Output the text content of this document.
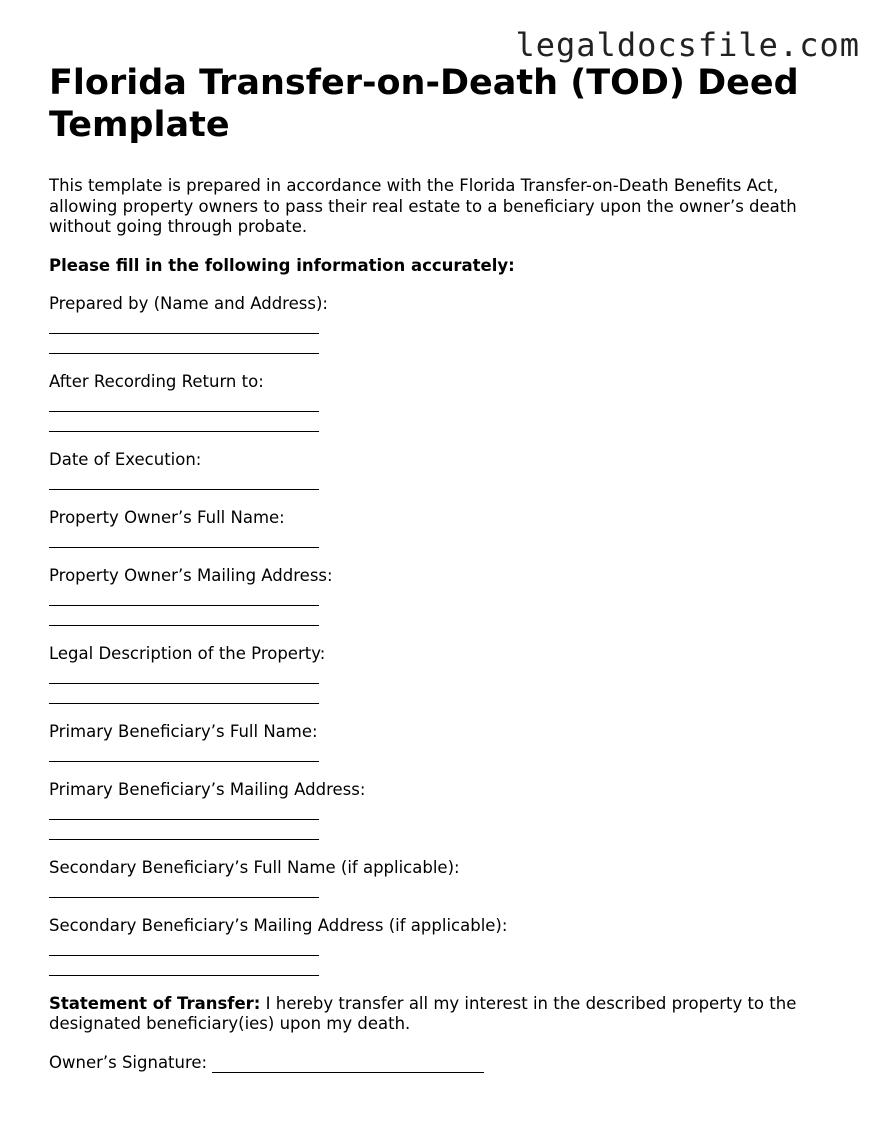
legaldocsfile.com

Florida Transfer-on-Death (TOD) Deed Template

This template is prepared in accordance with the Florida Transfer-on-Death Benefits Act, allowing property owners to pass their real estate to a beneficiary upon the owner’s death without going through probate.

Please fill in the following information accurately:

Prepared by (Name and Address):
After Recording Return to:
Date of Execution:
Property Owner’s Full Name:
Property Owner’s Mailing Address:
Legal Description of the Property:
Primary Beneficiary’s Full Name:
Primary Beneficiary’s Mailing Address:
Secondary Beneficiary’s Full Name (if applicable):
Secondary Beneficiary’s Mailing Address (if applicable):

Statement of Transfer: I hereby transfer all my interest in the described property to the designated beneficiary(ies) upon my death.

Owner’s Signature:
